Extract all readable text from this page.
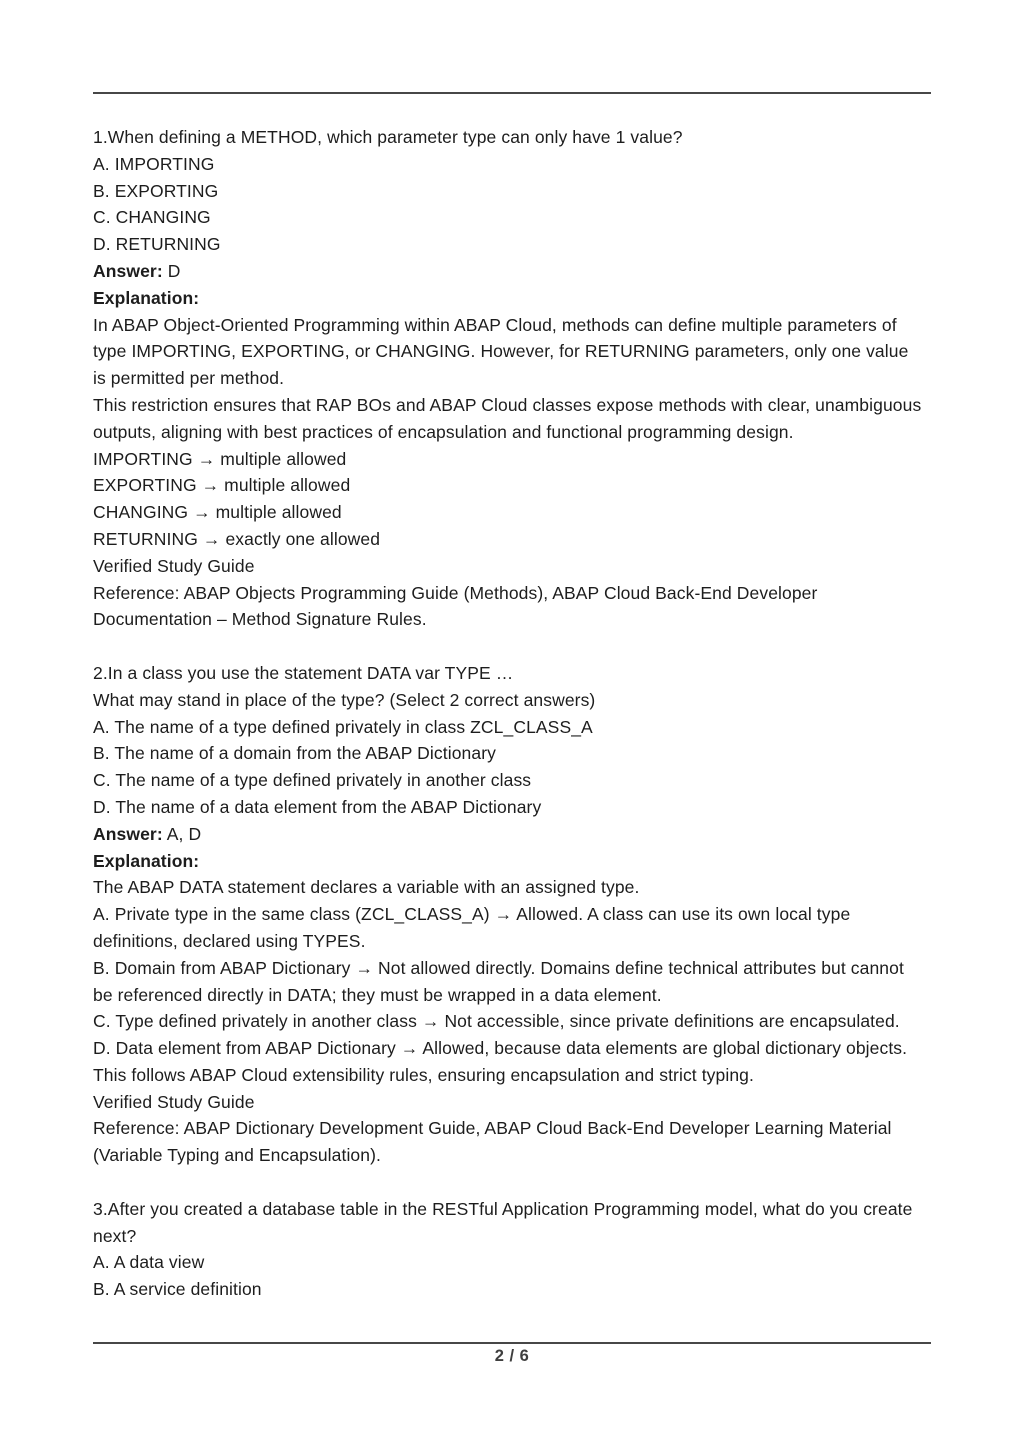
1.When defining a METHOD, which parameter type can only have 1 value?
A. IMPORTING
B. EXPORTING
C. CHANGING
D. RETURNING
Answer: D
Explanation:
In ABAP Object-Oriented Programming within ABAP Cloud, methods can define multiple parameters of
type IMPORTING, EXPORTING, or CHANGING. However, for RETURNING parameters, only one value
is permitted per method.
This restriction ensures that RAP BOs and ABAP Cloud classes expose methods with clear, unambiguous
outputs, aligning with best practices of encapsulation and functional programming design.
IMPORTING → multiple allowed
EXPORTING → multiple allowed
CHANGING → multiple allowed
RETURNING → exactly one allowed
Verified Study Guide
Reference: ABAP Objects Programming Guide (Methods), ABAP Cloud Back-End Developer
Documentation – Method Signature Rules.
2.In a class you use the statement DATA var TYPE …
What may stand in place of the type? (Select 2 correct answers)
A. The name of a type defined privately in class ZCL_CLASS_A
B. The name of a domain from the ABAP Dictionary
C. The name of a type defined privately in another class
D. The name of a data element from the ABAP Dictionary
Answer: A, D
Explanation:
The ABAP DATA statement declares a variable with an assigned type.
A. Private type in the same class (ZCL_CLASS_A) → Allowed. A class can use its own local type
definitions, declared using TYPES.
B. Domain from ABAP Dictionary → Not allowed directly. Domains define technical attributes but cannot
be referenced directly in DATA; they must be wrapped in a data element.
C. Type defined privately in another class → Not accessible, since private definitions are encapsulated.
D. Data element from ABAP Dictionary → Allowed, because data elements are global dictionary objects.
This follows ABAP Cloud extensibility rules, ensuring encapsulation and strict typing.
Verified Study Guide
Reference: ABAP Dictionary Development Guide, ABAP Cloud Back-End Developer Learning Material
(Variable Typing and Encapsulation).
3.After you created a database table in the RESTful Application Programming model, what do you create
next?
A. A data view
B. A service definition
2 / 6
